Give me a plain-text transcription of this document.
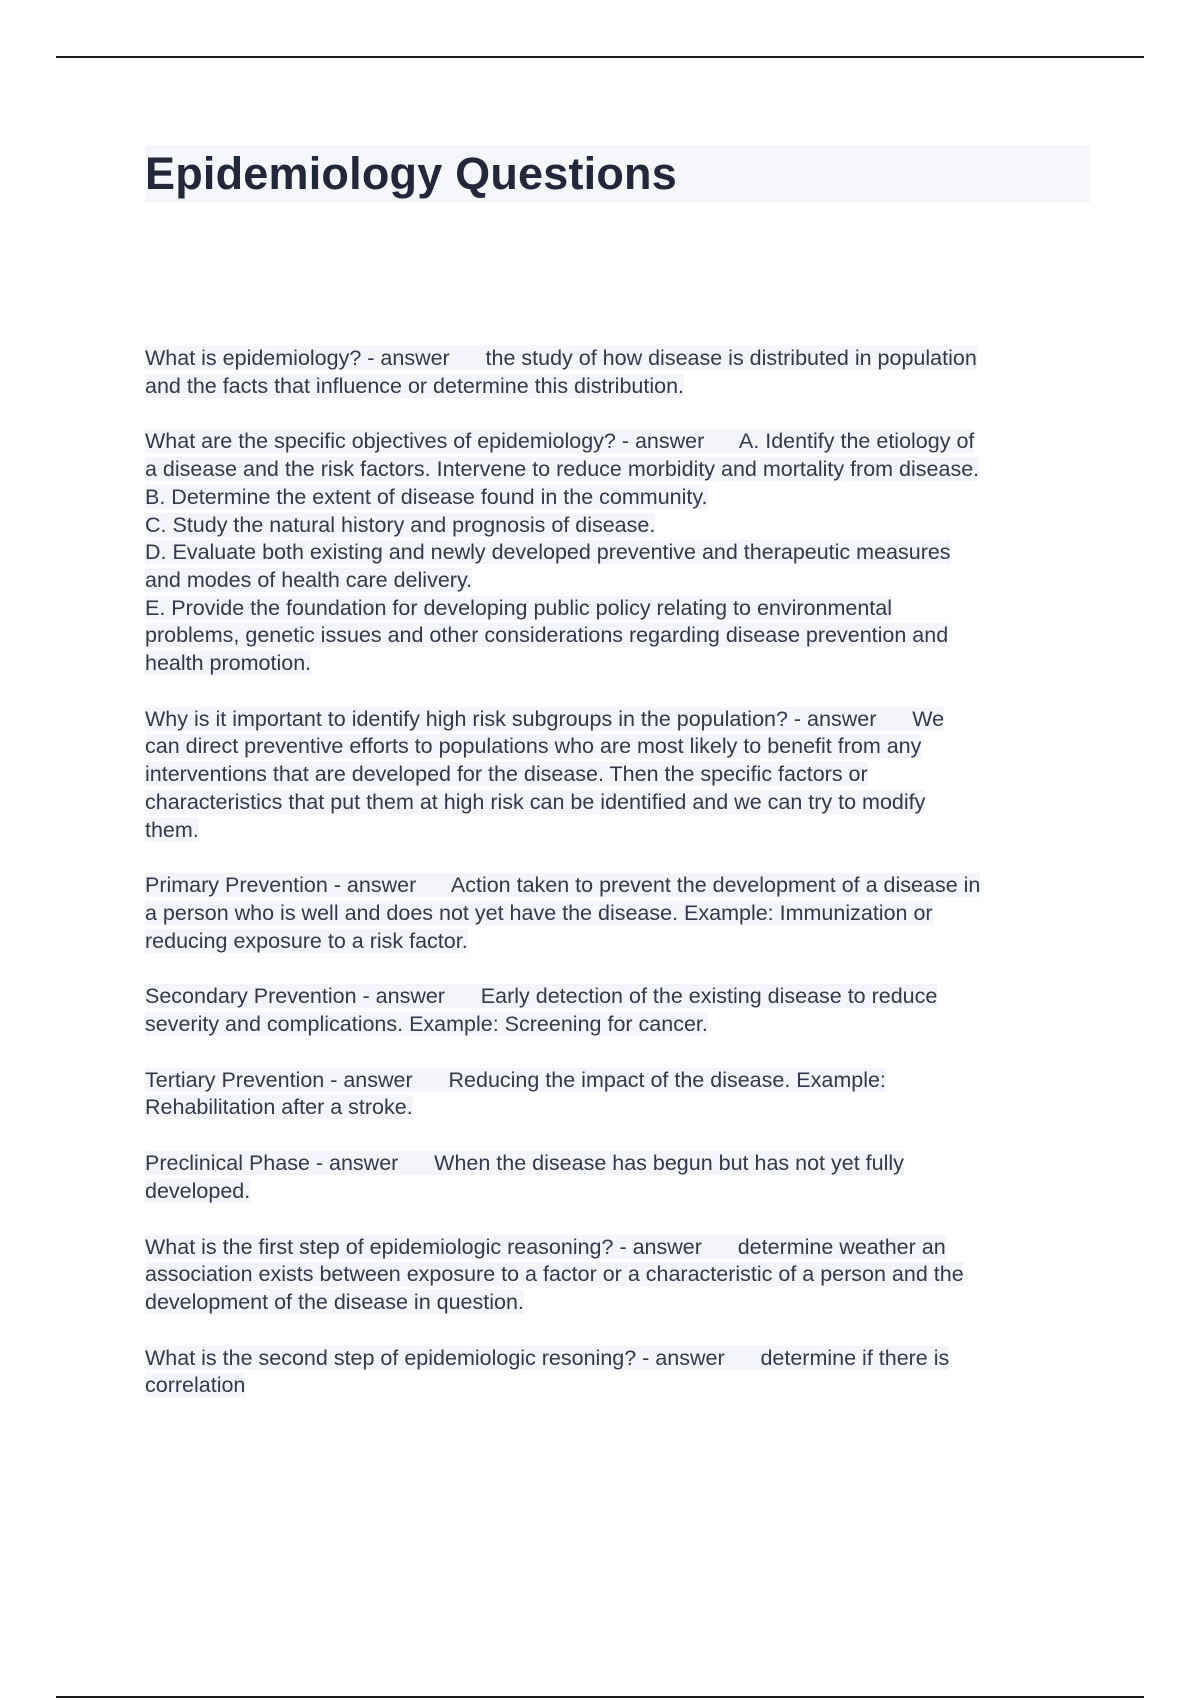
Epidemiology Questions

What is epidemiology? - answer      the study of how disease is distributed in population
and the facts that influence or determine this distribution.

What are the specific objectives of epidemiology? - answer      A. Identify the etiology of
a disease and the risk factors. Intervene to reduce morbidity and mortality from disease.
B. Determine the extent of disease found in the community.
C. Study the natural history and prognosis of disease.
D. Evaluate both existing and newly developed preventive and therapeutic measures
and modes of health care delivery.
E. Provide the foundation for developing public policy relating to environmental
problems, genetic issues and other considerations regarding disease prevention and
health promotion.

Why is it important to identify high risk subgroups in the population? - answer      We
can direct preventive efforts to populations who are most likely to benefit from any
interventions that are developed for the disease. Then the specific factors or
characteristics that put them at high risk can be identified and we can try to modify
them.

Primary Prevention - answer      Action taken to prevent the development of a disease in
a person who is well and does not yet have the disease. Example: Immunization or
reducing exposure to a risk factor.

Secondary Prevention - answer      Early detection of the existing disease to reduce
severity and complications. Example: Screening for cancer.

Tertiary Prevention - answer      Reducing the impact of the disease. Example:
Rehabilitation after a stroke.

Preclinical Phase - answer      When the disease has begun but has not yet fully
developed.

What is the first step of epidemiologic reasoning? - answer      determine weather an
association exists between exposure to a factor or a characteristic of a person and the
development of the disease in question.

What is the second step of epidemiologic resoning? - answer      determine if there is
correlation
